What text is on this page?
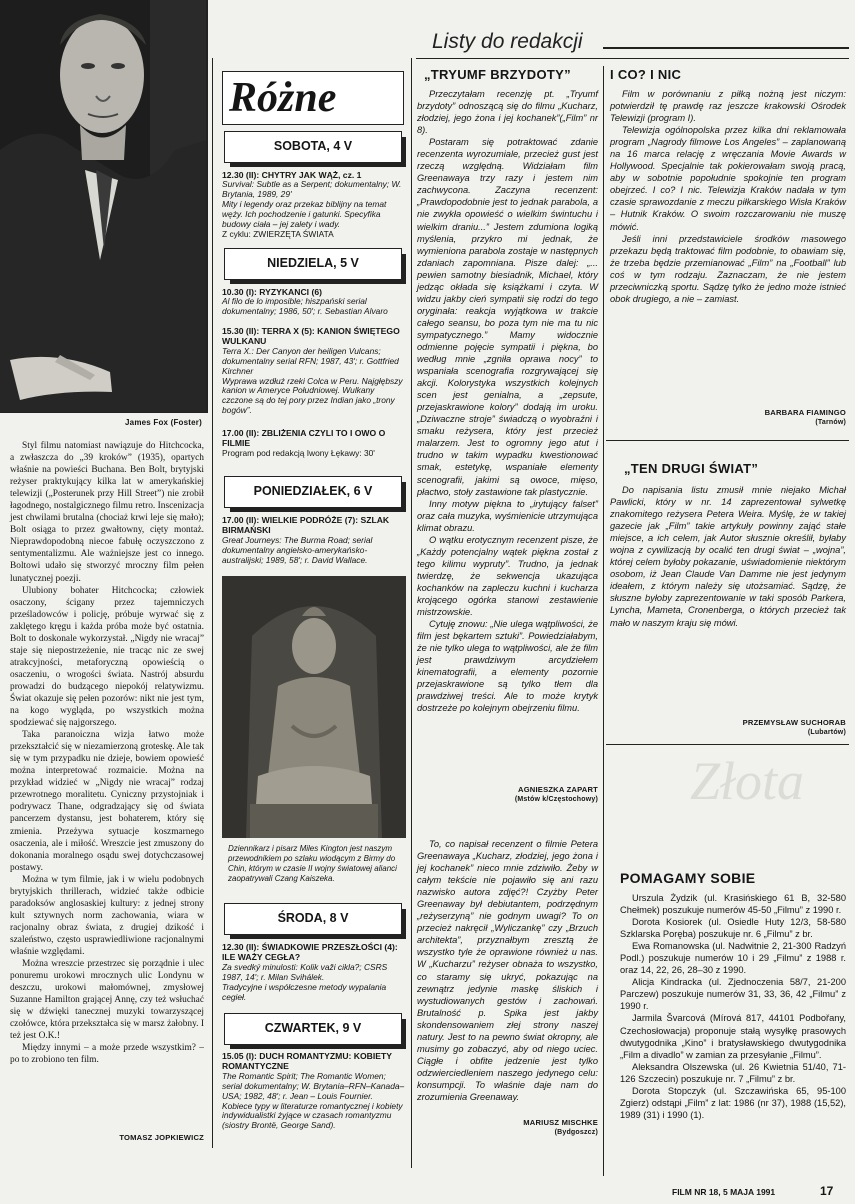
James Fox (Foster)

Styl filmu natomiast nawiązuje do Hitchcocka, a zwłaszcza do „39 kroków” (1935), opartych właśnie na powieści Buchana. Ben Bolt, brytyjski reżyser praktykujący kilka lat w amerykańskiej telewizji („Posterunek przy Hill Street”) nie zrobił łagodnego, nostalgicznego filmu retro. Inscenizacja jest chwilami brutalna (chociaż krwi leje się mało); Bolt osiąga to przez gwałtowny, cięty montaż. Nieprawdopodobną niecoe fabułę oczyszczono z sentymentalizmu. Ale ważniejsze jest co innego. Boltowi udało się stworzyć mroczny film pełen lunatycznej poezji.

Ulubiony bohater Hitchcocka; człowiek osaczony, ścigany przez tajemniczych prześladowców i policję, próbuje wyrwać się z zaklętego kręgu i każda próba może być ostatnia. Bolt to doskonale wykorzystał. „Nigdy nie wracaj” staje się niepostrzeżenie, nie tracąc nic ze swej atrakcyjności, metaforyczną opowieścią o osaczeniu, o wrogości świata. Nastrój absurdu prowadzi do budzącego niepokój relatywizmu. Świat okazuje się pełen pozorów: nikt nie jest tym, na kogo wygląda, po wszystkich można spodziewać się najgorszego.

Taka paranoiczna wizja łatwo może przekształcić się w niezamierzoną groteskę. Ale tak się w tym przypadku nie dzieje, bowiem opowieść można interpretować rozmaicie. Można na przykład widzieć w „Nigdy nie wracaj” rodzaj przewrotnego moralitetu. Cyniczny przystojniak i podrywacz Thane, odgradzający się od świata pancerzem dystansu, jest bohaterem, który się zmienia. Przeżywa sytuacje koszmarnego osaczenia, ale i miłość. Wreszcie jest zmuszony do dokonania moralnego osądu swej dotychczasowej postawy.

Można w tym filmie, jak i w wielu podobnych brytyjskich thrillerach, widzieć także odbicie paradoksów anglosaskiej kultury: z jednej strony kult sztywnych norm zachowania, wiara w racjonalny obraz świata, z drugiej dzikość i szaleństwo, często usprawiedliwione racjonalnymi właśnie względami.

Można wreszcie przestrzec się porządnie i ulec ponuremu urokowi mrocznych ulic Londynu w deszczu, urokowi małomównej, zmysłowej Suzanne Hamilton grającej Annę, czy też wsłuchać się w dźwięki tanecznej muzyki towarzyszącej czołówce, która przekształca się w marsz żałobny. I też jest O.K.!

Między innymi – a może przede wszystkim? – po to zrobiono ten film.

TOMASZ JOPKIEWICZ
Różne
SOBOTA, 4 V
12.30 (II): CHYTRY JAK WĄŻ, cz. 1
Survival: Subtle as a Serpent; dokumentalny; W. Brytania, 1989, 29'
Mity i legendy oraz przekaz biblijny na temat węży. Ich pochodzenie i gatunki. Specyfika budowy ciała – jej zalety i wady.
Z cyklu: ZWIERZĘTA ŚWIATA
NIEDZIELA, 5 V
10.30 (I): RYZYKANCI (6)
Al filo de lo imposible; hiszpański serial dokumentalny; 1986, 50'; r. Sebastian Alvaro
15.30 (II): TERRA X (5): KANION ŚWIĘTEGO WULKANU
Terra X.: Der Canyon der heiligen Vulcans; dokumentalny serial RFN; 1987, 43'; r. Gottfried Kirchner
Wyprawa wzdłuż rzeki Colca w Peru. Najgłębszy kanion w Ameryce Południowej. Wulkany czczone są do tej pory przez Indian jako „trony bogów”.
17.00 (II): ZBLIŻENIA CZYLI TO I OWO O FILMIE
Program pod redakcją Iwony Łękawy: 30'
PONIEDZIAŁEK, 6 V
17.00 (II): WIELKIE PODRÓŻE (7): SZLAK BIRMAŃSKI
Great Journeys: The Burma Road; serial dokumentalny angielsko-amerykańsko-australijski; 1989, 58'; r. David Wallace.
Dziennikarz i pisarz Miles Kington jest naszym przewodnikiem po szlaku wiodącym z Birmy do Chin, którym w czasie II wojny światowej alianci zaopatrywali Czang Kaiszeka.
ŚRODA, 8 V
12.30 (II): ŚWIADKOWIE PRZESZŁOŚCI (4): ILE WAŻY CEGŁA?
Za svedký minulosti: Kolik važi cikla?; CSRS 1987, 14'; r. Milan Svihálek.
Tradycyjne i współczesne metody wypalania cegieł.
CZWARTEK, 9 V
15.05 (I): DUCH ROMANTYZMU: KOBIETY ROMANTYCZNE
The Romantic Spirit; The Romantic Women; serial dokumentalny; W. Brytania–RFN–Kanada–USA; 1982, 48'; r. Jean – Louis Fournier.
Kobiece typy w literaturze romantycznej i kobiety indywidualistki żyjące w czasach romantyzmu (siostry Brontë, George Sand).
Listy do redakcji
„TRYUMF BRZYDOTY”

Przeczytałam recenzję pt. „Tryumf brzydoty” odnoszącą się do filmu „Kucharz, złodziej, jego żona i jej kochanek”(„Film” nr 8).

Postaram się potraktować zdanie recenzenta wyrozumiale, przecież gust jest rzeczą względną. Widziałam film Greenawaya trzy razy i jestem nim zachwycona. Zaczyna recenzent: „Prawdopodobnie jest to jednak parabola, a nie zwykła opowieść o wielkim świntuchu i wielkim draniu...” Jestem zdumiona logiką myślenia, przykro mi jednak, że wymieniona parabola zostaje w następnych zdaniach zapomniana. Pisze dalej: „... pewien samotny biesiadnik, Michael, który jedząc okłada się książkami i czyta. W widzu jakby cień sympatii się rodzi do tego oryginała: reakcja wyjątkowa w trakcie całego seansu, bo poza tym nie ma tu nic sympatycznego.” Mamy widocznie odmienne pojęcie sympatii i piękna, bo według mnie „zgniła oprawa nocy” to wspaniała scenografia rozgrywającej się akcji. Kolorystyka wszystkich kolejnych scen jest genialna, a „zepsute, przejaskrawione kolory” dodają im uroku. „Dziwaczne stroje” świadczą o wyobraźni i smaku reżysera, który jest przecież malarzem. Jest to ogromny jego atut i trudno w takim wypadku kwestionować smak, estetykę, wspaniałe elementy scenografii, jakimi są owoce, mięso, płactwo, stoły zastawione tak plastycznie.

Inny motyw piękna to „irytujący falset” oraz cała muzyka, wyśmienicie utrzymująca klimat obrazu.

O wątku erotycznym recenzent pisze, że „Każdy potencjalny wątek piękna został z tego kilimu wypruty”. Trudno, ja jednak twierdzę, że sekwencja ukazująca kochanków na zapleczu kuchni i kucharza krojącego ogórka stanowi zestawienie mistrzowskie.

Cytuję znowu: „Nie ulega wątpliwości, że film jest bękartem sztuki”. Powiedziałabym, że nie tylko ulega to wątpliwości, ale że film jest prawdziwym arcydziełem kinematografii, a elementy pozornie przejaskrawione są tylko tłem dla prawdziwej treści. Ale to może krytyk dostrzeże po kolejnym obejrzeniu filmu.

AGNIESZKA ZAPART
(Mstów k/Częstochowy)

To, co napisał recenzent o filmie Petera Greenawaya „Kucharz, złodziej, jego żona i jej kochanek” nieco mnie zdziwiło. Żeby w całym tekście nie pojawiło się ani razu nazwisko autora zdjęć?! Czyżby Peter Greenaway był debiutantem, podrzędnym „reżyserzyną” nie godnym uwagi? To on przecież nakręcił „Wyliczankę” czy „Brzuch architekta”, przyznałbym zresztą że wszystko tyle że oprawione również u nas. W „Kucharzu” reżyser obnaża to wszystko, co staramy się ukryć, pokazując na zewnątrz jedynie maskę śliskich i wystudiowanych gestów i zachowań. Brutalność p. Spika jest jakby skondensowaniem złej strony naszej natury. Jest to na pewno świat okropny, ale musimy go zobaczyć, aby od niego uciec. Ciągłe i obfite jedzenie jest tylko odzwierciedleniem naszego jedynego celu: konsumpcji. To właśnie daje nam do zrozumienia Greenaway.

MARIUSZ MISCHKE
(Bydgoszcz)
I CO? I NIC

Film w porównaniu z piłką nożną jest niczym: potwierdził tę prawdę raz jeszcze krakowski Ośrodek Telewizji (program I).

Telewizja ogólnopolska przez kilka dni reklamowała program „Nagrody filmowe Los Angeles” – zaplanowaną na 16 marca relację z wręczania Movie Awards w Hollywood. Specjalnie tak pokierowałam swoją pracą, aby w sobotnie popołudnie spokojnie ten program obejrzeć. I co? I nic. Telewizja Kraków nadała w tym czasie sprawozdanie z meczu piłkarskiego Wisła Kraków – Hutnik Kraków. O swoim rozczarowaniu nie muszę mówić.

Jeśli inni przedstawiciele środków masowego przekazu będą traktować film podobnie, to obawiam się, że trzeba będzie przemianować „Film” na „Football” lub coś w tym rodzaju. Zaznaczam, że nie jestem przeciwniczką sportu. Sądzę tylko że jedno może istnieć obok drugiego, a nie – zamiast.

BARBARA FIAMINGO
(Tarnów)
„TEN DRUGI ŚWIAT”

Do napisania listu zmusił mnie niejako Michał Pawlicki, który w nr. 14 zaprezentował sylwetkę znakomitego reżysera Petera Weira. Myślę, że w takiej gazecie jak „Film” takie artykuły powinny zająć stałe miejsce, a ich celem, jak Autor słusznie określił, byłaby wojna z cywilizacją by ocalić ten drugi świat – „wojna”, której celem byłoby pokazanie, uświadomienie niektórym osobom, iż Jean Claude Van Damme nie jest jedynym ideałem, z którym należy się utożsamiać. Sądzę, że słuszne byłoby zaprezentowanie w taki sposób Parkera, Lyncha, Mameta, Cronenberga, o których przecież tak mało w naszym kraju się mówi.

PRZEMYSŁAW SUCHORAB
(Lubartów)
Złota
POMAGAMY SOBIE

Urszula Żydzik (ul. Krasińskiego 61 B, 32-580 Chełmek) poszukuje numerów 45-50 „Filmu” z 1990 r.

Dorota Kosiorek (ul. Osiedle Huty 12/3, 58-580 Szklarska Poręba) poszukuje nr. 6 „Filmu” z br.

Ewa Romanowska (ul. Nadwitnie 2, 21-300 Radzyń Podl.) poszukuje numerów 10 i 29 „Filmu” z 1988 r. oraz 14, 22, 26, 28–30 z 1990.

Alicja Kindracka (ul. Zjednoczenia 58/7, 21-200 Parczew) poszukuje numerów 31, 33, 36, 42 „Filmu” z 1990 r.

Jarmila Švarcová (Mírová 817, 44101 Podbořany, Czechosłowacja) proponuje stałą wysyłkę prasowych dwutygodnika „Kino” i bratysławskiego dwutygodnika „Film a divadlo” w zamian za przesyłanie „Filmu”.

Aleksandra Olszewska (ul. 26 Kwietnia 51/40, 71-126 Szczecin) poszukuje nr. 7 „Filmu” z br.

Dorota Stopczyk (ul. Szczawińska 65, 95-100 Zgierz) odstąpi „Film” z lat: 1986 (nr 37), 1988 (15,52), 1989 (31) i 1990 (1).

FILM NR 18, 5 MAJA 1991	17
